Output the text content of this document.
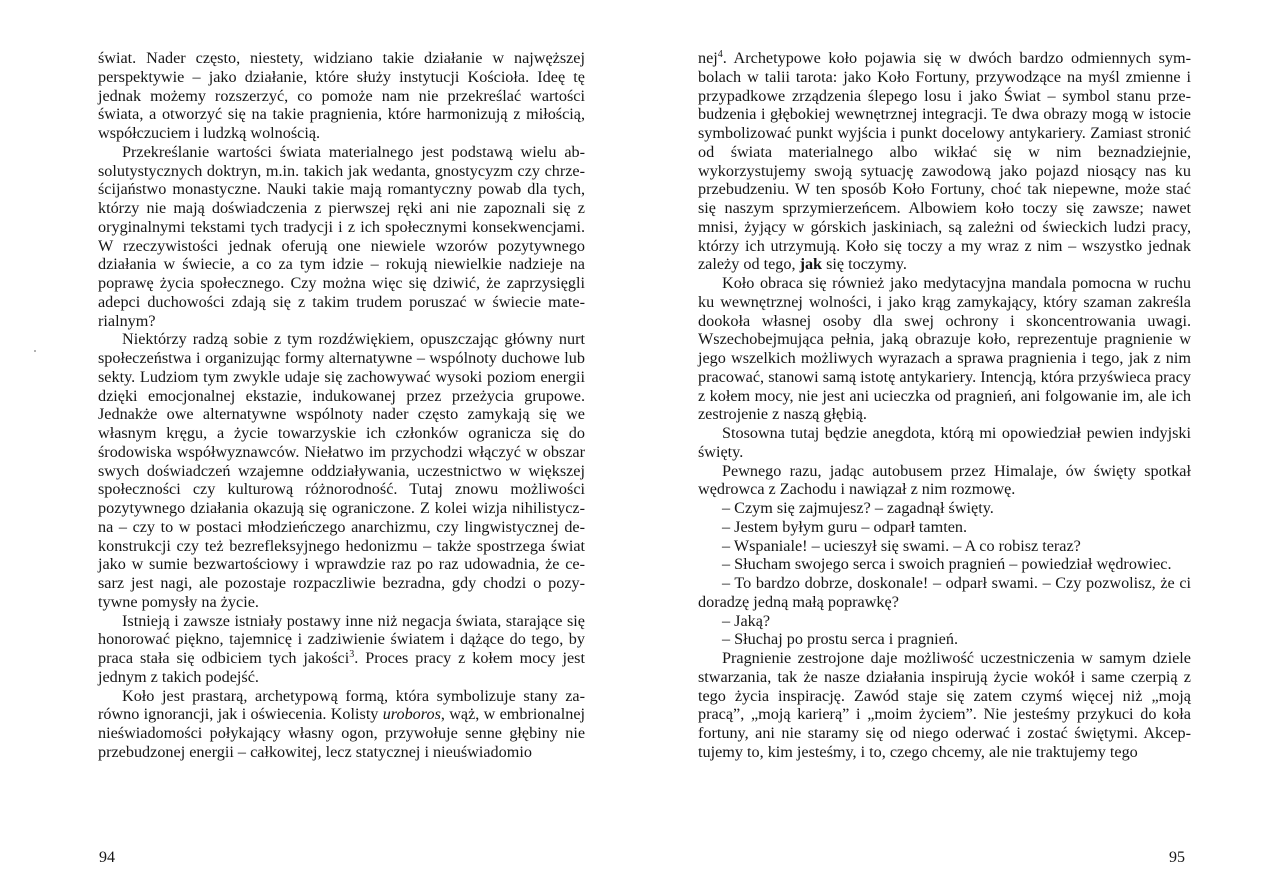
świat. Nader często, niestety, widziano takie działanie w najwęższej perspektywie – jako działanie, które służy instytucji Kościoła. Ideę tę jednak możemy rozszerzyć, co pomoże nam nie przekreślać wartości świata, a otworzyć się na takie pragnienia, które harmonizują z miłością, współczuciem i ludzką wolnością.

Przekreślanie wartości świata materialnego jest podstawą wielu absolutystycznych doktryn, m.in. takich jak wedanta, gnostycyzm czy chrześcijaństwo monastyczne. Nauki takie mają romantyczny powab dla tych, którzy nie mają doświadczenia z pierwszej ręki ani nie zapoznali się z oryginalnymi tekstami tych tradycji i z ich społecznymi konsekwencjami. W rzeczywistości jednak oferują one niewiele wzorów pozytywnego działania w świecie, a co za tym idzie – rokują niewielkie nadzieje na poprawę życia społecznego. Czy można więc się dziwić, że zaprzysięgli adepci duchowości zdają się z takim trudem poruszać w świecie materialnym?

Niektórzy radzą sobie z tym rozdźwiękiem, opuszczając główny nurt społeczeństwa i organizując formy alternatywne – wspólnoty duchowe lub sekty. Ludziom tym zwykle udaje się zachowywać wysoki poziom energii dzięki emocjonalnej ekstazie, indukowanej przez przeżycia grupowe. Jednakże owe alternatywne wspólnoty nader często zamykają się we własnym kręgu, a życie towarzyskie ich członków ogranicza się do środowiska współwyznawców. Niełatwo im przychodzi włączyć w obszar swych doświadczeń wzajemne oddziaływania, uczestnictwo w większej społeczności czy kulturową różnorodność. Tutaj znowu możliwości pozytywnego działania okazują się ograniczone. Z kolei wizja nihilistyczna – czy to w postaci młodzieńczego anarchizmu, czy lingwistycznej dekonstrukcji czy też bezrefleksyjnego hedonizmu – także spostrzega świat jako w sumie bezwartościowy i wprawdzie raz po raz udowadnia, że cesarz jest nagi, ale pozostaje rozpaczliwie bezradna, gdy chodzi o pozytywne pomysły na życie.

Istnieją i zawsze istniały postawy inne niż negacja świata, starające się honorować piękno, tajemnicę i zadziwienie światem i dążące do tego, by praca stała się odbiciem tych jakości$^3$. Proces pracy z kołem mocy jest jednym z takich podejść.

Koło jest prastarą, archetypową formą, która symbolizuje stany zarówno ignorancji, jak i oświecenia. Kolisty uroboros, wąż, w embrionalnej nieświadomości połykający własny ogon, przywołuje senne głębiny nie przebudzonej energii – całkowitej, lecz statycznej i nieuświadomio

94

nej$^4$. Archetypowe koło pojawia się w dwóch bardzo odmiennych symbolach w talii tarota: jako Koło Fortuny, przywodzące na myśl zmienne i przypadkowe zrządzenia ślepego losu i jako Świat – symbol stanu przebudzenia i głębokiej wewnętrznej integracji. Te dwa obrazy mogą w istocie symbolizować punkt wyjścia i punkt docelowy antykariery. Zamiast stronić od świata materialnego albo wikłać się w nim beznadziejnie, wykorzystujemy swoją sytuację zawodową jako pojazd niosący nas ku przebudzeniu. W ten sposób Koło Fortuny, choć tak niepewne, może stać się naszym sprzymierzeńcem. Albowiem koło toczy się zawsze; nawet mnisi, żyjący w górskich jaskiniach, są zależni od świeckich ludzi pracy, którzy ich utrzymują. Koło się toczy a my wraz z nim – wszystko jednak zależy od tego, jak się toczymy.

Koło obraca się również jako medytacyjna mandala pomocna w ruchu ku wewnętrznej wolności, i jako krąg zamykający, który szaman zakreśla dookoła własnej osoby dla swej ochrony i skoncentrowania uwagi. Wszechobejmująca pełnia, jaką obrazuje koło, reprezentuje pragnienie w jego wszelkich możliwych wyrazach a sprawa pragnienia i tego, jak z nim pracować, stanowi samą istotę antykariery. Intencją, która przyświeca pracy z kołem mocy, nie jest ani ucieczka od pragnień, ani folgowanie im, ale ich zestrojenie z naszą głębią.

Stosowna tutaj będzie anegdota, którą mi opowiedział pewien indyjski święty.

Pewnego razu, jadąc autobusem przez Himalaje, ów święty spotkał wędrowca z Zachodu i nawiązał z nim rozmowę.

– Czym się zajmujesz? – zagadnął święty.

– Jestem byłym guru – odparł tamten.

– Wspaniale! – ucieszył się swami. – A co robisz teraz?

– Słucham swojego serca i swoich pragnień – powiedział wędrowiec.

– To bardzo dobrze, doskonale! – odparł swami. – Czy pozwolisz, że ci doradzę jedną małą poprawkę?

– Jaką?

– Słuchaj po prostu serca i pragnień.

Pragnienie zestrojone daje możliwość uczestniczenia w samym dziele stwarzania, tak że nasze działania inspirują życie wokół i same czerpią z tego życia inspirację. Zawód staje się zatem czymś więcej niż „moją pracą”, „moją karierą” i „moim życiem”. Nie jesteśmy przykuci do koła fortuny, ani nie staramy się od niego oderwać i zostać świętymi. Akceptujemy to, kim jesteśmy, i to, czego chcemy, ale nie traktujemy tego

95
